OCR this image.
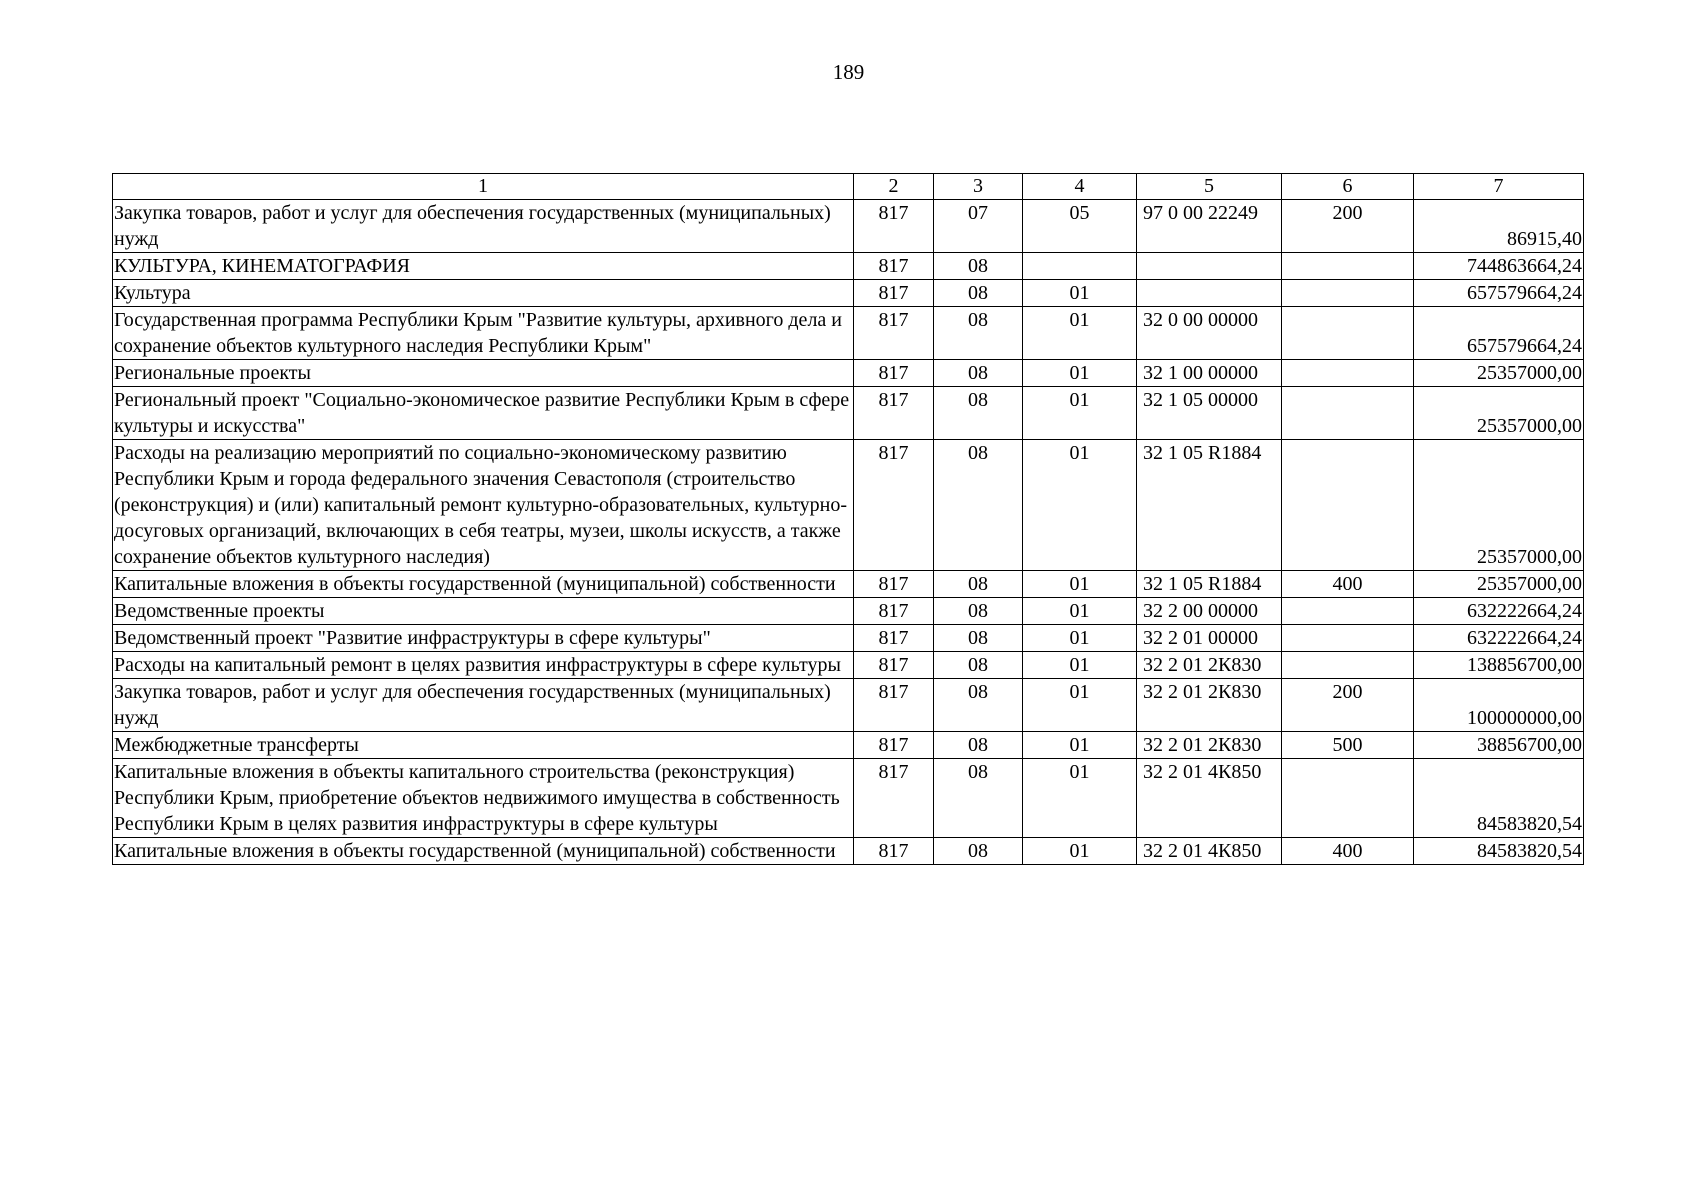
189
1	2	3	4	5	6	7
Закупка товаров, работ и услуг для обеспечения государственных (муниципальных) нужд	817	07	05	97 0 00 22249	200	86915,40
КУЛЬТУРА, КИНЕМАТОГРАФИЯ	817	08				744863664,24
Культура	817	08	01			657579664,24
Государственная программа Республики Крым "Развитие культуры, архивного дела и сохранение объектов культурного наследия Республики Крым"	817	08	01	32 0 00 00000		657579664,24
Региональные проекты	817	08	01	32 1 00 00000		25357000,00
Региональный проект "Социально-экономическое развитие Республики Крым в сфере культуры и искусства"	817	08	01	32 1 05 00000		25357000,00
Расходы на реализацию мероприятий по социально-экономическому развитию Республики Крым и города федерального значения Севастополя (строительство (реконструкция) и (или) капитальный ремонт культурно-образовательных, культурно-досуговых организаций, включающих в себя театры, музеи, школы искусств, а также сохранение объектов культурного наследия)	817	08	01	32 1 05 R1884		25357000,00
Капитальные вложения в объекты государственной (муниципальной) собственности	817	08	01	32 1 05 R1884	400	25357000,00
Ведомственные проекты	817	08	01	32 2 00 00000		632222664,24
Ведомственный проект "Развитие инфраструктуры в сфере культуры"	817	08	01	32 2 01 00000		632222664,24
Расходы на капитальный ремонт в целях развития инфраструктуры в сфере культуры	817	08	01	32 2 01 2К830		138856700,00
Закупка товаров, работ и услуг для обеспечения государственных (муниципальных) нужд	817	08	01	32 2 01 2К830	200	100000000,00
Межбюджетные трансферты	817	08	01	32 2 01 2К830	500	38856700,00
Капитальные вложения в объекты капитального строительства (реконструкция) Республики Крым, приобретение объектов недвижимого имущества в собственность Республики Крым в целях развития инфраструктуры в сфере культуры	817	08	01	32 2 01 4К850		84583820,54
Капитальные вложения в объекты государственной (муниципальной) собственности	817	08	01	32 2 01 4К850	400	84583820,54
